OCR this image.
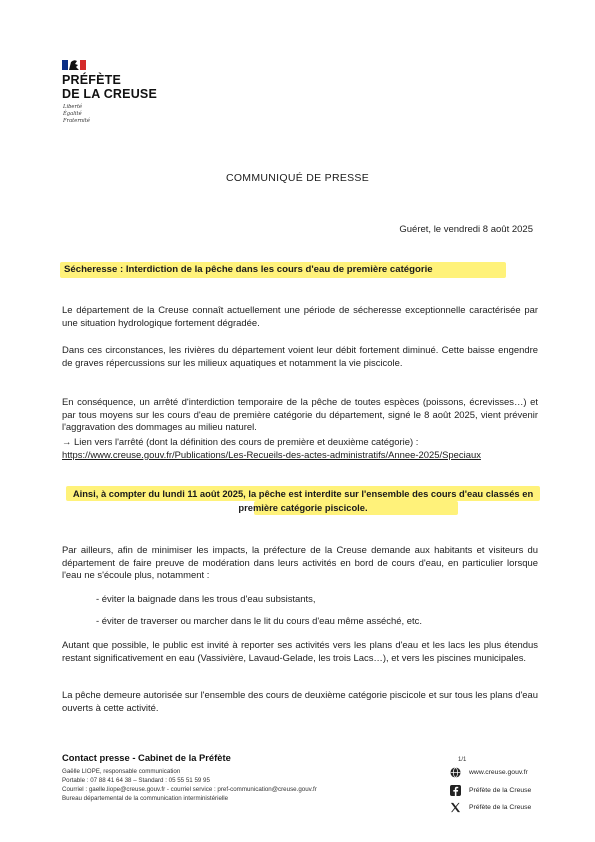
PRÉFÈTE
DE LA CREUSE
Liberté
Égalité
Fraternité
COMMUNIQUÉ DE PRESSE
Guéret, le vendredi 8 août 2025
Sécheresse : Interdiction de la pêche dans les cours d'eau de première catégorie
Le département de la Creuse connaît actuellement une période de sécheresse exceptionnelle caractérisée par une situation hydrologique fortement dégradée.
Dans ces circonstances, les rivières du département voient leur débit fortement diminué. Cette baisse engendre de graves répercussions sur les milieux aquatiques et notamment la vie piscicole.
En conséquence, un arrêté d'interdiction temporaire de la pêche de toutes espèces (poissons, écrevisses…) et par tous moyens sur les cours d'eau de première catégorie du département, signé le 8 août 2025, vient prévenir l'aggravation des dommages au milieu naturel.
→ Lien vers l'arrêté (dont la définition des cours de première et deuxième catégorie) :
https://www.creuse.gouv.fr/Publications/Les-Recueils-des-actes-administratifs/Annee-2025/Speciaux
Ainsi, à compter du lundi 11 août 2025, la pêche est interdite sur l'ensemble des cours d'eau classés en première catégorie piscicole.
Par ailleurs, afin de minimiser les impacts, la préfecture de la Creuse demande aux habitants et visiteurs du département de faire preuve de modération dans leurs activités en bord de cours d'eau, en particulier lorsque l'eau ne s'écoule plus, notamment :
- éviter la baignade dans les trous d'eau subsistants,
- éviter de traverser ou marcher dans le lit du cours d'eau même asséché, etc.
Autant que possible, le public est invité à reporter ses activités vers les plans d'eau et les lacs les plus étendus restant significativement en eau (Vassivière, Lavaud-Gelade, les trois Lacs…), et vers les piscines municipales.
La pêche demeure autorisée sur l'ensemble des cours de deuxième catégorie piscicole et sur tous les plans d'eau ouverts à cette activité.
Contact presse - Cabinet de la Préfète
Gaëlle LIOPE, responsable communication
Portable : 07 88 41 64 38 – Standard : 05 55 51 59 95
Courriel : gaelle.liope@creuse.gouv.fr - courriel service : pref-communication@creuse.gouv.fr
Bureau départemental de la communication interministérielle
1/1
www.creuse.gouv.fr
Préfète de la Creuse
Préfète de la Creuse
